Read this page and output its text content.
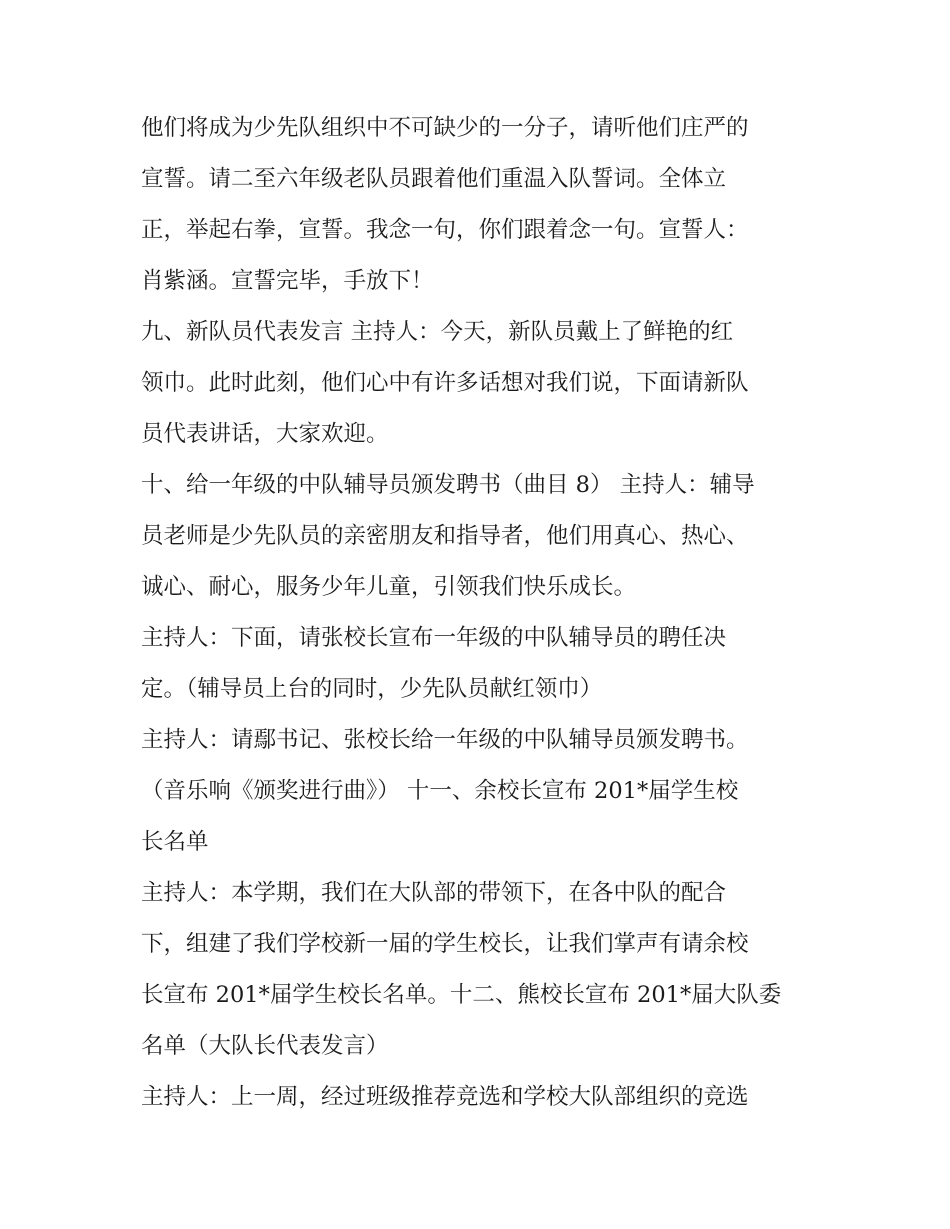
他们将成为少先队组织中不可缺少的一分子，请听他们庄严的
宣誓。请二至六年级老队员跟着他们重温入队誓词。全体立
正，举起右拳，宣誓。我念一句，你们跟着念一句。宣誓人：
肖紫涵。宣誓完毕，手放下！
九、新队员代表发言 主持人：今天，新队员戴上了鲜艳的红
领巾。此时此刻，他们心中有许多话想对我们说，下面请新队
员代表讲话，大家欢迎。
十、给一年级的中队辅导员颁发聘书（曲目 8） 主持人：辅导
员老师是少先队员的亲密朋友和指导者，他们用真心、热心、
诚心、耐心，服务少年儿童，引领我们快乐成长。
主持人：下面，请张校长宣布一年级的中队辅导员的聘任决
定。（辅导员上台的同时，少先队员献红领巾）
主持人：请鄢书记、张校长给一年级的中队辅导员颁发聘书。
（音乐响《颁奖进行曲》） 十一、余校长宣布 201*届学生校
长名单
主持人：本学期，我们在大队部的带领下，在各中队的配合
下，组建了我们学校新一届的学生校长，让我们掌声有请余校
长宣布 201*届学生校长名单。十二、熊校长宣布 201*届大队委
名单（大队长代表发言）
主持人：上一周，经过班级推荐竞选和学校大队部组织的竞选
